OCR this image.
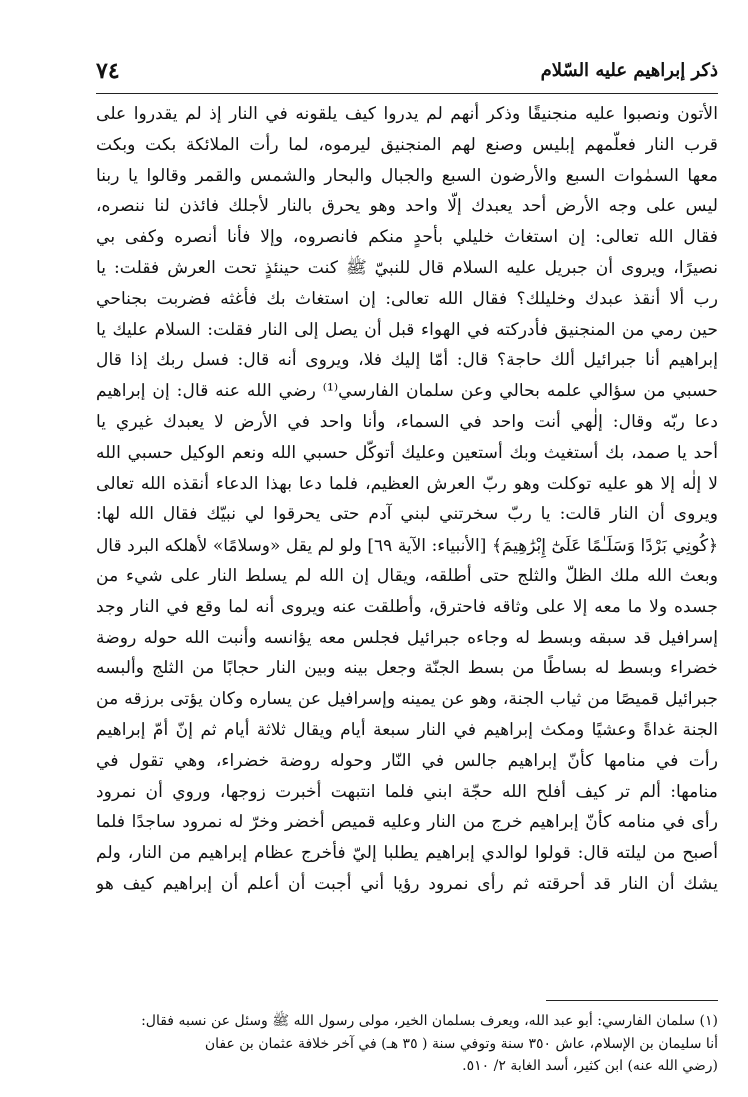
ذكر إبراهيم عليه السّلام
٧٤
الأتون ونصبوا عليه منجنيقًا وذكر أنهم لم يدروا كيف يلقونه في النار إذ لم يقدروا على
قرب النار فعلّمهم إبليس وصنع لهم المنجنيق ليرموه، لما رأت الملائكة بكت وبكت
معها السمٰوات السبع والأرضون السبع والجبال والبحار والشمس والقمر وقالوا يا ربنا
ليس على وجه الأرض أحد يعبدك إلّا واحد وهو يحرق بالنار لأجلك فائذن لنا ننصره،
فقال الله تعالى: إن استغاث خليلي بأحدٍ منكم فانصروه، وإلا فأنا أنصره وكفى بي
نصيرًا، ويروى أن جبريل عليه السلام قال للنبيّ ﷺ كنت حينئذٍ تحت العرش فقلت: يا
رب ألا أنقذ عبدك وخليلك؟ فقال الله تعالى: إن استغاث بك فأغثه فضربت بجناحي
حين رمي من المنجنيق فأدركته في الهواء قبل أن يصل إلى النار فقلت: السلام عليك يا
إبراهيم أنا جبرائيل ألك حاجة؟ قال: أمّا إليك فلا، ويروى أنه قال: فسل ربك إذا قال
حسبي من سؤالي علمه بحالي وعن سلمان الفارسي⁽¹⁾ رضي الله عنه قال: إن إبراهيم
دعا ربّه وقال: إلٰهي أنت واحد في السماء، وأنا واحد في الأرض لا يعبدك غيري يا
أحد يا صمد، بك أستغيث وبك أستعين وعليك أتوكّل حسبي الله ونعم الوكيل حسبي الله
لا إلٰه إلا هو عليه توكلت وهو ربّ العرش العظيم، فلما دعا بهذا الدعاء أنقذه الله تعالى
ويروى أن النار قالت: يا ربّ سخرتني لبني آدم حتى يحرقوا لي نبيّك فقال الله لها:
﴿كُونِي بَرْدًا وَسَلَـٰمًا عَلَىٰٓ إِبْرَٰهِيمَ﴾ [الأنبياء: الآية ٦٩] ولو لم يقل «وسلامًا» لأهلكه البرد قال
وبعث الله ملك الظلّ والثلج حتى أطلقه، ويقال إن الله لم يسلط النار على شيء من
جسده ولا ما معه إلا على وثاقه فاحترق، وأطلقت عنه ويروى أنه لما وقع في النار وجد
إسرافيل قد سبقه وبسط له وجاءه جبرائيل فجلس معه يؤانسه وأنبت الله حوله روضة
خضراء وبسط له بساطًا من بسط الجنّة وجعل بينه وبين النار حجابًا من الثلج وألبسه
جبرائيل قميصًا من ثياب الجنة، وهو عن يمينه وإسرافيل عن يساره وكان يؤتى برزقه من
الجنة غداةً وعشيًا ومكث إبراهيم في النار سبعة أيام ويقال ثلاثة أيام ثم إنّ أمّ إبراهيم
رأت في منامها كأنّ إبراهيم جالس في النّار وحوله روضة خضراء، وهي تقول في
منامها: ألم تر كيف أفلح الله حجّة ابني فلما انتبهت أخبرت زوجها، وروي أن نمرود
رأى في منامه كأنّ إبراهيم خرج من النار وعليه قميص أخضر وخرّ له نمرود ساجدًا فلما
أصبح من ليلته قال: قولوا لوالدي إبراهيم يطلبا إليّ فأخرج عظام إبراهيم من النار، ولم
يشك أن النار قد أحرقته ثم رأى نمرود رؤيا أني أجبت أن أعلم أن إبراهيم كيف هو
(١) سلمان الفارسي: أبو عبد الله، ويعرف بسلمان الخير، مولى رسول الله ﷺ وسئل عن نسبه فقال:
أنا سليمان بن الإسلام، عاش ٣٥٠ سنة وتوفي سنة ( ٣٥ هـ) في آخر خلافة عثمان بن عفان
(رضي الله عنه) ابن كثير، أسد الغابة ٢/ ٥١٠.
